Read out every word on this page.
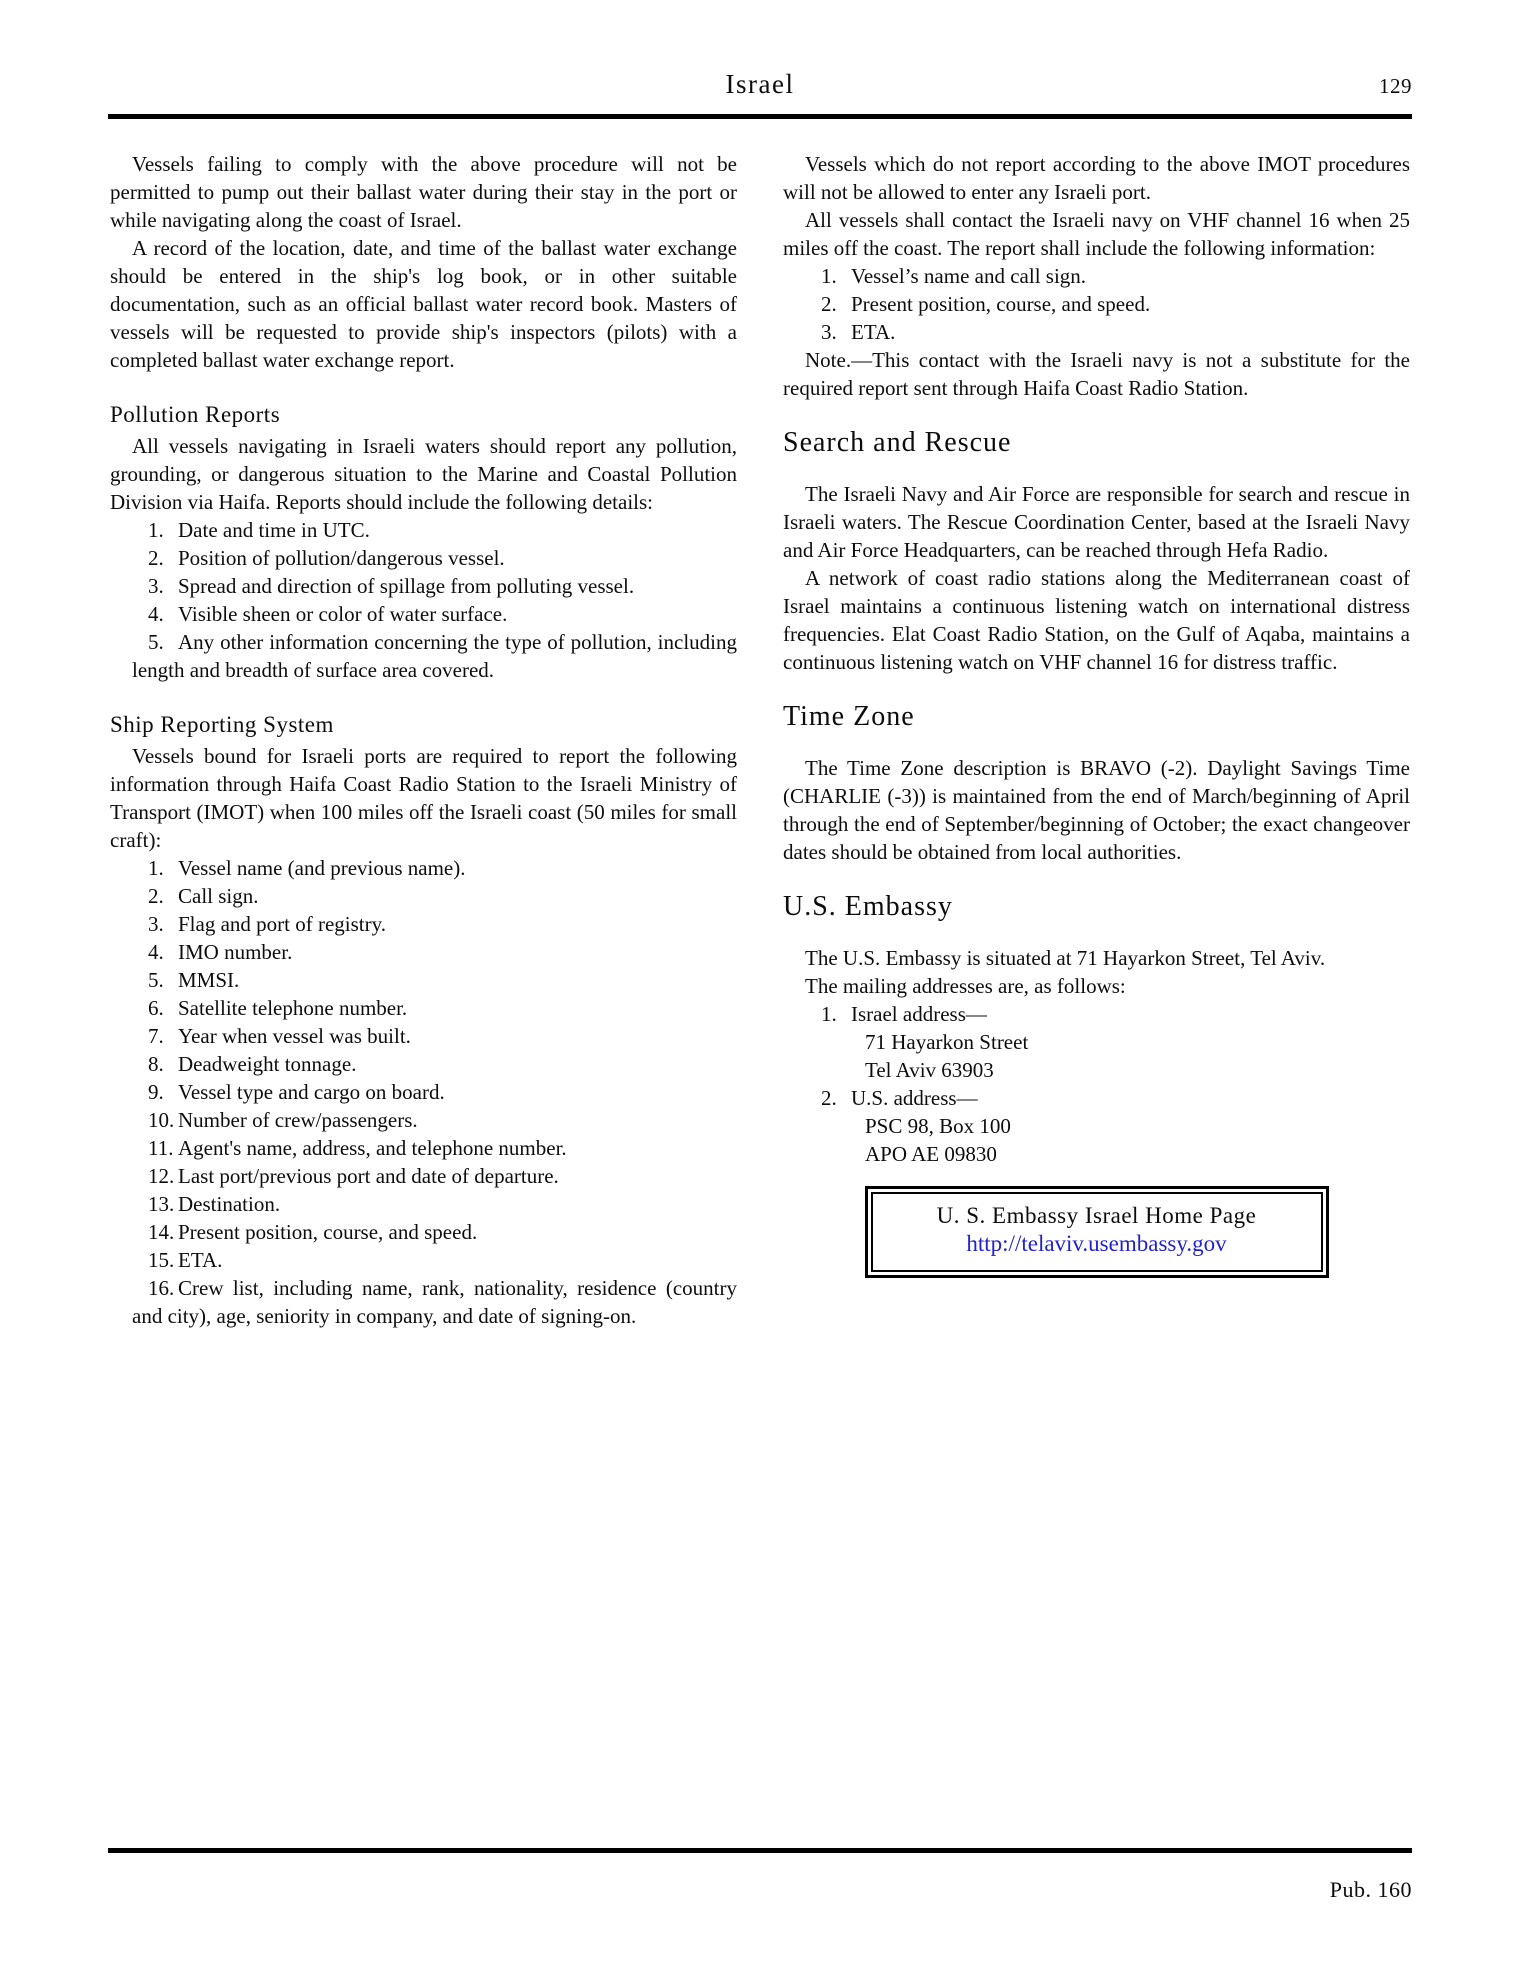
Israel	129

Vessels failing to comply with the above procedure will not be permitted to pump out their ballast water during their stay in the port or while navigating along the coast of Israel.

A record of the location, date, and time of the ballast water exchange should be entered in the ship's log book, or in other suitable documentation, such as an official ballast water record book. Masters of vessels will be requested to provide ship's inspectors (pilots) with a completed ballast water exchange report.

Pollution Reports

All vessels navigating in Israeli waters should report any pollution, grounding, or dangerous situation to the Marine and Coastal Pollution Division via Haifa. Reports should include the following details:

1. Date and time in UTC.
2. Position of pollution/dangerous vessel.
3. Spread and direction of spillage from polluting vessel.
4. Visible sheen or color of water surface.
5. Any other information concerning the type of pollution, including length and breadth of surface area covered.
Ship Reporting System

Vessels bound for Israeli ports are required to report the following information through Haifa Coast Radio Station to the Israeli Ministry of Transport (IMOT) when 100 miles off the Israeli coast (50 miles for small craft):

1. Vessel name (and previous name).
2. Call sign.
3. Flag and port of registry.
4. IMO number.
5. MMSI.
6. Satellite telephone number.
7. Year when vessel was built.
8. Deadweight tonnage.
9. Vessel type and cargo on board.
10. Number of crew/passengers.
11. Agent's name, address, and telephone number.
12. Last port/previous port and date of departure.
13. Destination.
14. Present position, course, and speed.
15. ETA.
16. Crew list, including name, rank, nationality, residence (country and city), age, seniority in company, and date of signing-on.

Vessels which do not report according to the above IMOT procedures will not be allowed to enter any Israeli port.

All vessels shall contact the Israeli navy on VHF channel 16 when 25 miles off the coast. The report shall include the following information:

1. Vessel’s name and call sign.
2. Present position, course, and speed.
3. ETA.

Note.—This contact with the Israeli navy is not a substitute for the required report sent through Haifa Coast Radio Station.

Search and Rescue

The Israeli Navy and Air Force are responsible for search and rescue in Israeli waters. The Rescue Coordination Center, based at the Israeli Navy and Air Force Headquarters, can be reached through Hefa Radio.

A network of coast radio stations along the Mediterranean coast of Israel maintains a continuous listening watch on international distress frequencies. Elat Coast Radio Station, on the Gulf of Aqaba, maintains a continuous listening watch on VHF channel 16 for distress traffic.

Time Zone

The Time Zone description is BRAVO (-2). Daylight Savings Time (CHARLIE (-3)) is maintained from the end of March/beginning of April through the end of September/beginning of October; the exact changeover dates should be obtained from local authorities.

U.S. Embassy

The U.S. Embassy is situated at 71 Hayarkon Street, Tel Aviv.

The mailing addresses are, as follows:

1. Israel address—
71 Hayarkon Street
Tel Aviv 63903
2. U.S. address—
PSC 98, Box 100
APO AE 09830
U. S. Embassy Israel Home Page
http://telaviv.usembassy.gov
Pub. 160
